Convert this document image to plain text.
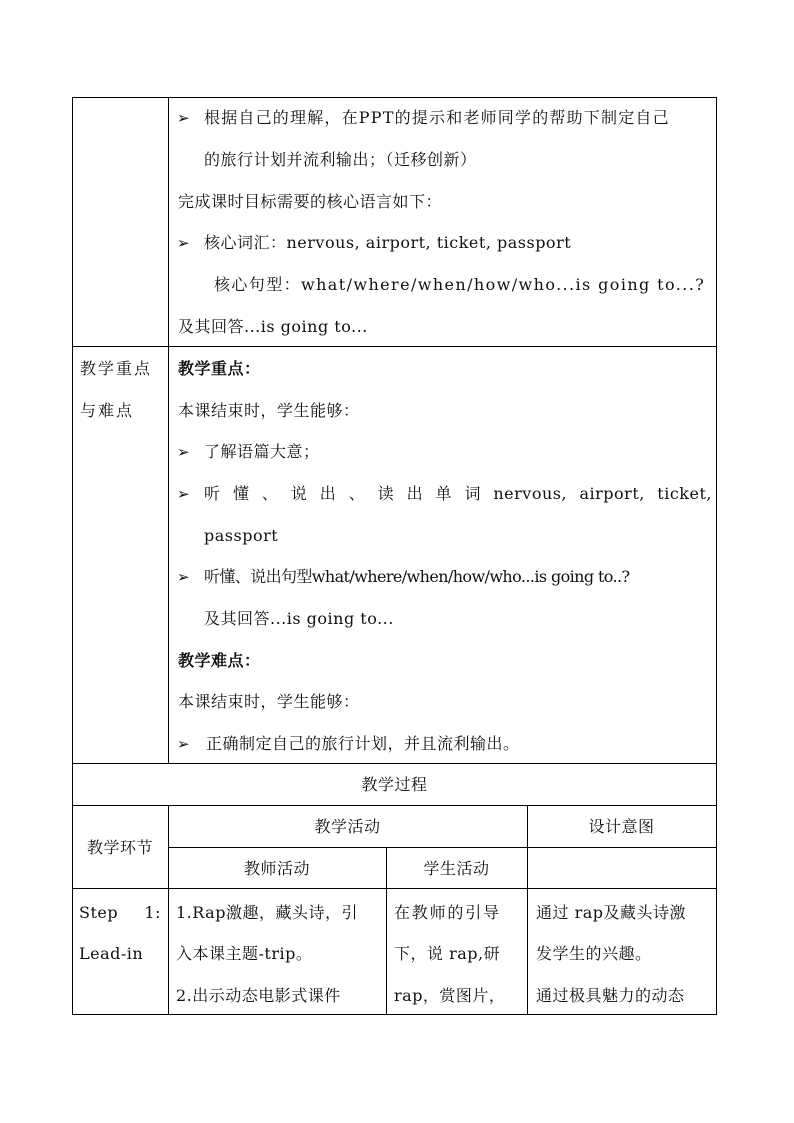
➢ 根据自己的理解，在PPT的提示和老师同学的帮助下制定自己
的旅行计划并流利输出；（迁移创新）
完成课时目标需要的核心语言如下：
➢ 核心词汇：nervous, airport, ticket, passport
核心句型：what/where/when/how/who...is going to...?
及其回答...is going to...
教学重点
与难点
教学重点：
本课结束时，学生能够：
➢ 了解语篇大意；
➢ 听 懂 、 说 出 、 读 出 单 词 nervous, airport, ticket,
passport
➢ 听懂、说出句型what/where/when/how/who...is going to..?
及其回答...is going to...
教学难点：
本课结束时，学生能够：
➢ 正确制定自己的旅行计划，并且流利输出。
教学过程
教学环节
教学活动	设计意图
教师活动	学生活动
Step 1:
Lead-in
1.Rap激趣，藏头诗，引
入本课主题-trip。
2.出示动态电影式课件
在教师的引导
下，说 rap,研
rap，赏图片，
通过 rap及藏头诗激
发学生的兴趣。
通过极具魅力的动态
